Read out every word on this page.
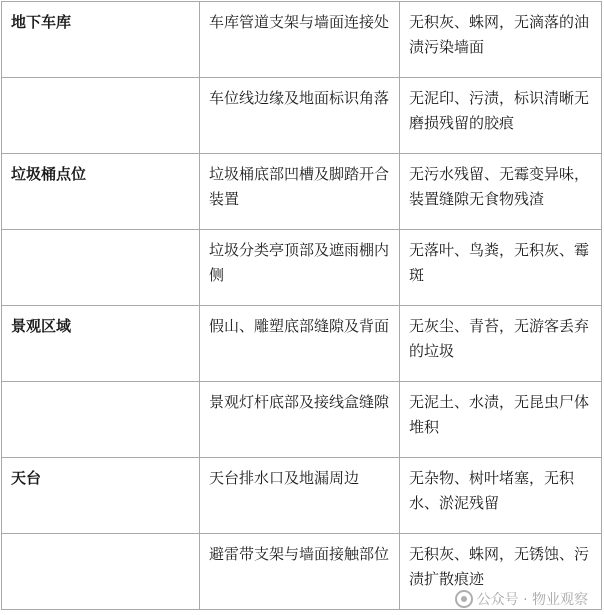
地下车库	车库管道支架与墙面连接处	无积灰、蛛网，无滴落的油渍污染墙面
	车位线边缘及地面标识角落	无泥印、污渍，标识清晰无磨损残留的胶痕
垃圾桶点位	垃圾桶底部凹槽及脚踏开合装置	无污水残留、无霉变异味，装置缝隙无食物残渣
	垃圾分类亭顶部及遮雨棚内侧	无落叶、鸟粪，无积灰、霉斑
景观区域	假山、雕塑底部缝隙及背面	无灰尘、青苔，无游客丢弃的垃圾
	景观灯杆底部及接线盒缝隙	无泥土、水渍，无昆虫尸体堆积
天台	天台排水口及地漏周边	无杂物、树叶堵塞，无积水、淤泥残留
	避雷带支架与墙面接触部位	无积灰、蛛网，无锈蚀、污渍扩散痕迹
公众号 · 物业观察
